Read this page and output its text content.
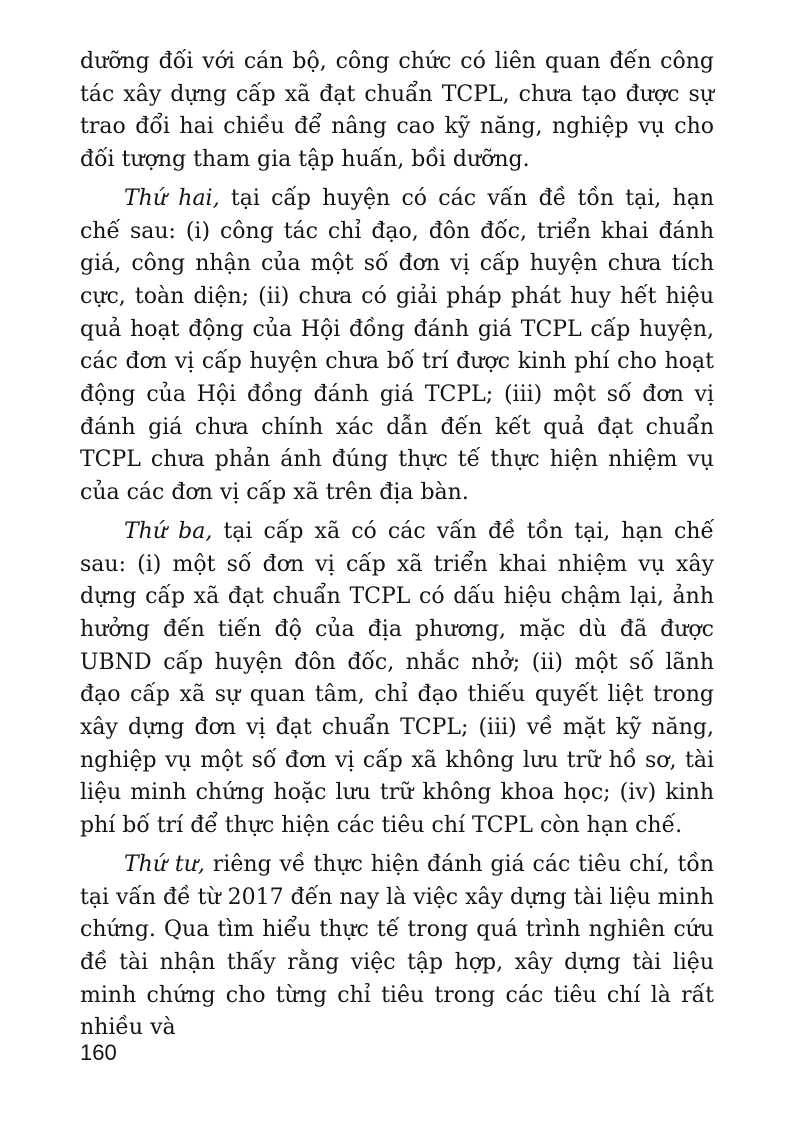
dưỡng đối với cán bộ, công chức có liên quan đến công tác xây dựng cấp xã đạt chuẩn TCPL, chưa tạo được sự trao đổi hai chiều để nâng cao kỹ năng, nghiệp vụ cho đối tượng tham gia tập huấn, bồi dưỡng.

Thứ hai, tại cấp huyện có các vấn đề tồn tại, hạn chế sau: (i) công tác chỉ đạo, đôn đốc, triển khai đánh giá, công nhận của một số đơn vị cấp huyện chưa tích cực, toàn diện; (ii) chưa có giải pháp phát huy hết hiệu quả hoạt động của Hội đồng đánh giá TCPL cấp huyện, các đơn vị cấp huyện chưa bố trí được kinh phí cho hoạt động của Hội đồng đánh giá TCPL; (iii) một số đơn vị đánh giá chưa chính xác dẫn đến kết quả đạt chuẩn TCPL chưa phản ánh đúng thực tế thực hiện nhiệm vụ của các đơn vị cấp xã trên địa bàn.

Thứ ba, tại cấp xã có các vấn đề tồn tại, hạn chế sau: (i) một số đơn vị cấp xã triển khai nhiệm vụ xây dựng cấp xã đạt chuẩn TCPL có dấu hiệu chậm lại, ảnh hưởng đến tiến độ của địa phương, mặc dù đã được UBND cấp huyện đôn đốc, nhắc nhở; (ii) một số lãnh đạo cấp xã sự quan tâm, chỉ đạo thiếu quyết liệt trong xây dựng đơn vị đạt chuẩn TCPL; (iii) về mặt kỹ năng, nghiệp vụ một số đơn vị cấp xã không lưu trữ hồ sơ, tài liệu minh chứng hoặc lưu trữ không khoa học; (iv) kinh phí bố trí để thực hiện các tiêu chí TCPL còn hạn chế.

Thứ tư, riêng về thực hiện đánh giá các tiêu chí, tồn tại vấn đề từ 2017 đến nay là việc xây dựng tài liệu minh chứng. Qua tìm hiểu thực tế trong quá trình nghiên cứu đề tài nhận thấy rằng việc tập hợp, xây dựng tài liệu minh chứng cho từng chỉ tiêu trong các tiêu chí là rất nhiều và

160
